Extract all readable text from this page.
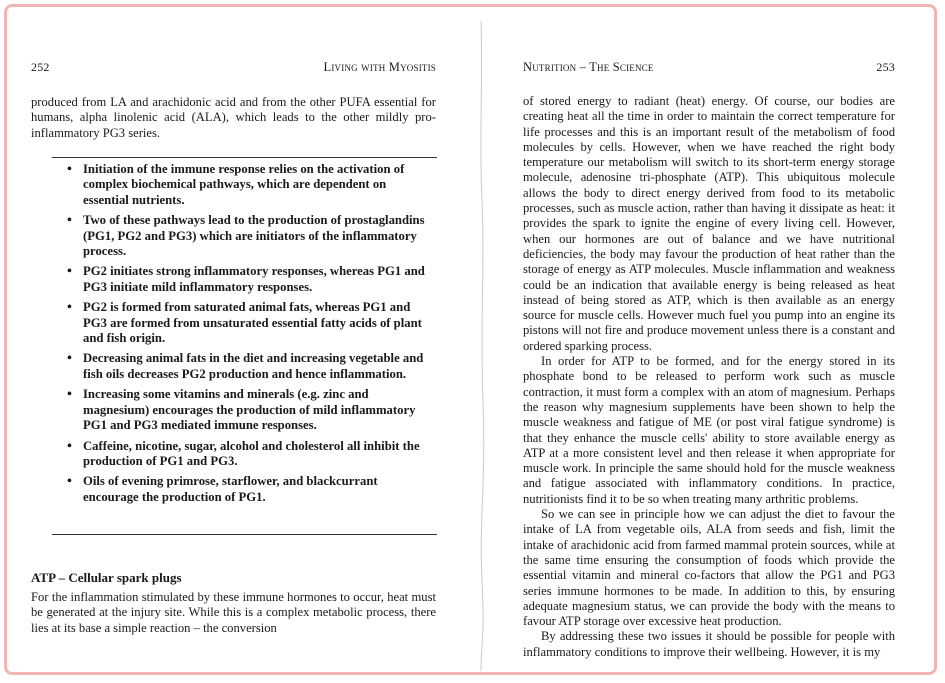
252	Living with Myositis

produced from LA and arachidonic acid and from the other PUFA essential for humans, alpha linolenic acid (ALA), which leads to the other mildly pro-inflammatory PG3 series.

• Initiation of the immune response relies on the activation of complex biochemical pathways, which are dependent on essential nutrients.
• Two of these pathways lead to the production of prostaglandins (PG1, PG2 and PG3) which are initiators of the inflammatory process.
• PG2 initiates strong inflammatory responses, whereas PG1 and PG3 initiate mild inflammatory responses.
• PG2 is formed from saturated animal fats, whereas PG1 and PG3 are formed from unsaturated essential fatty acids of plant and fish origin.
• Decreasing animal fats in the diet and increasing vegetable and fish oils decreases PG2 production and hence inflammation.
• Increasing some vitamins and minerals (e.g. zinc and magnesium) encourages the production of mild inflammatory PG1 and PG3 mediated immune responses.
• Caffeine, nicotine, sugar, alcohol and cholesterol all inhibit the production of PG1 and PG3.
• Oils of evening primrose, starflower, and blackcurrant encourage the production of PG1.
ATP – Cellular spark plugs

For the inflammation stimulated by these immune hormones to occur, heat must be generated at the injury site. While this is a complex metabolic process, there lies at its base a simple reaction – the conversion

Nutrition – The Science	253

of stored energy to radiant (heat) energy. Of course, our bodies are creating heat all the time in order to maintain the correct temperature for life processes and this is an important result of the metabolism of food molecules by cells. However, when we have reached the right body temperature our metabolism will switch to its short-term energy storage molecule, adenosine tri-phosphate (ATP). This ubiquitous molecule allows the body to direct energy derived from food to its metabolic processes, such as muscle action, rather than having it dissipate as heat: it provides the spark to ignite the engine of every living cell. However, when our hormones are out of balance and we have nutritional deficiencies, the body may favour the production of heat rather than the storage of energy as ATP molecules. Muscle inflammation and weakness could be an indication that available energy is being released as heat instead of being stored as ATP, which is then available as an energy source for muscle cells. However much fuel you pump into an engine its pistons will not fire and produce movement unless there is a constant and ordered sparking process.

In order for ATP to be formed, and for the energy stored in its phosphate bond to be released to perform work such as muscle contraction, it must form a complex with an atom of magnesium. Perhaps the reason why magnesium supplements have been shown to help the muscle weakness and fatigue of ME (or post viral fatigue syndrome) is that they enhance the muscle cells' ability to store available energy as ATP at a more consistent level and then release it when appropriate for muscle work. In principle the same should hold for the muscle weakness and fatigue associated with inflammatory conditions. In practice, nutritionists find it to be so when treating many arthritic problems.

So we can see in principle how we can adjust the diet to favour the intake of LA from vegetable oils, ALA from seeds and fish, limit the intake of arachidonic acid from farmed mammal protein sources, while at the same time ensuring the consumption of foods which provide the essential vitamin and mineral co-factors that allow the PG1 and PG3 series immune hormones to be made. In addition to this, by ensuring adequate magnesium status, we can provide the body with the means to favour ATP storage over excessive heat production.

By addressing these two issues it should be possible for people with inflammatory conditions to improve their wellbeing. However, it is my
